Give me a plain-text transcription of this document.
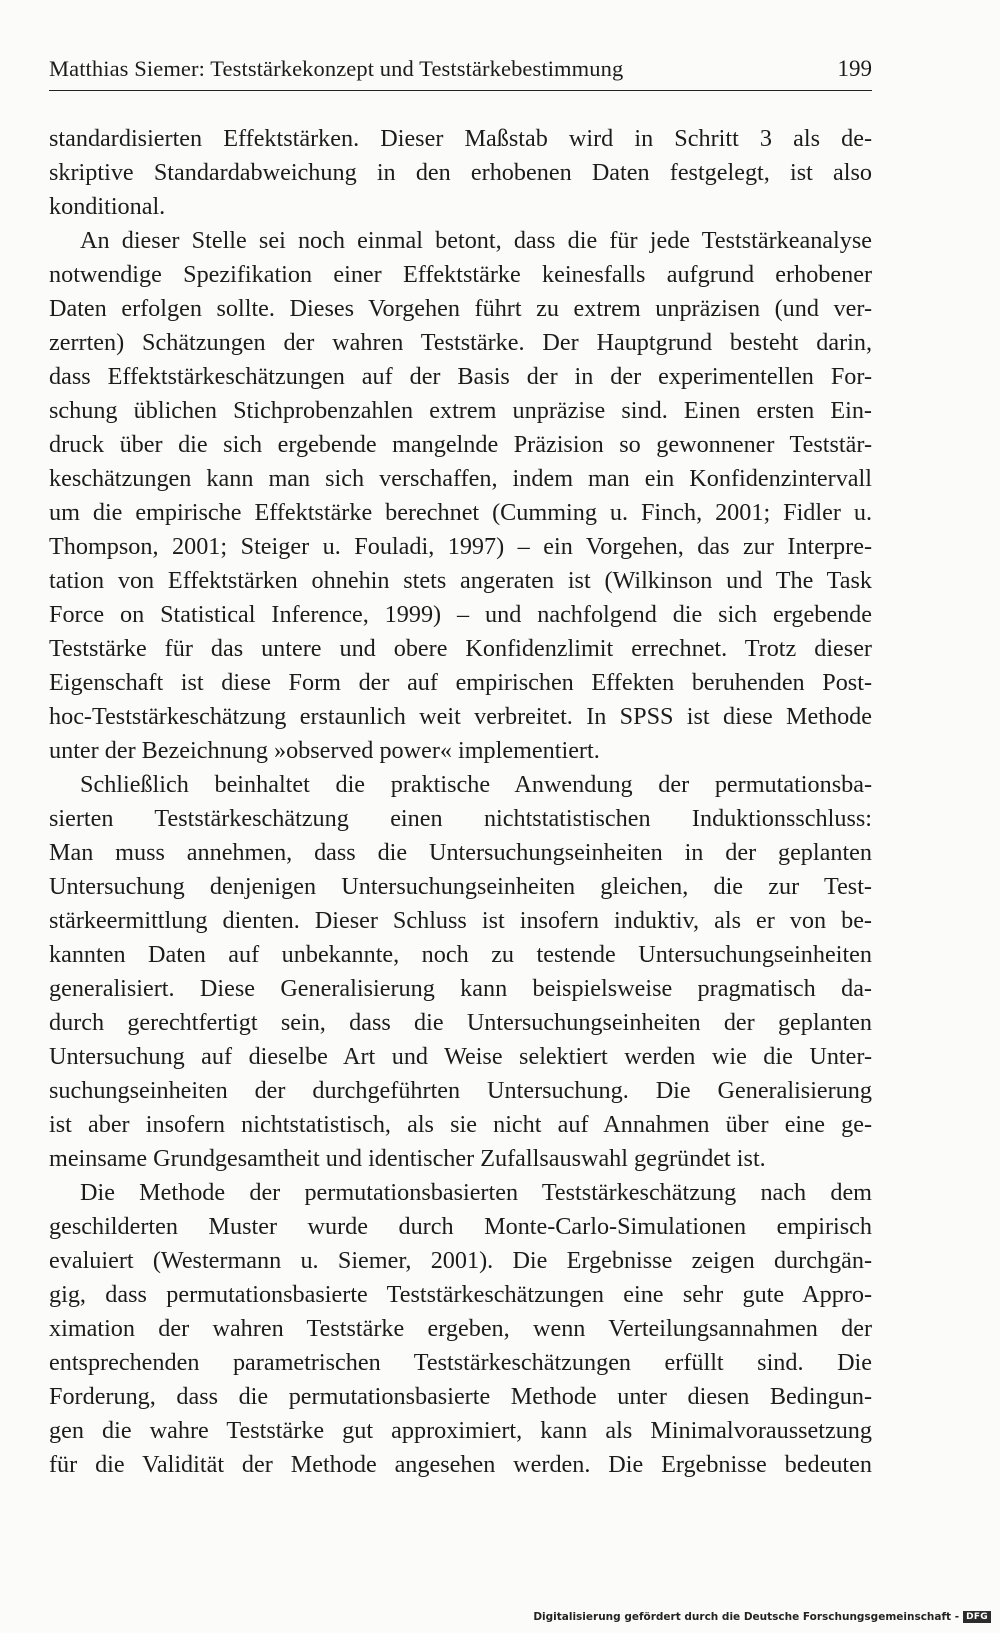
Matthias Siemer: Teststärkekonzept und Teststärkebestimmung	199
standardisierten Effektstärken. Dieser Maßstab wird in Schritt 3 als de-
skriptive Standardabweichung in den erhobenen Daten festgelegt, ist also
konditional.
An dieser Stelle sei noch einmal betont, dass die für jede Teststärkeanalyse
notwendige Spezifikation einer Effektstärke keinesfalls aufgrund erhobener
Daten erfolgen sollte. Dieses Vorgehen führt zu extrem unpräzisen (und ver-
zerrten) Schätzungen der wahren Teststärke. Der Hauptgrund besteht darin,
dass Effektstärkeschätzungen auf der Basis der in der experimentellen For-
schung üblichen Stichprobenzahlen extrem unpräzise sind. Einen ersten Ein-
druck über die sich ergebende mangelnde Präzision so gewonnener Teststär-
keschätzungen kann man sich verschaffen, indem man ein Konfidenzintervall
um die empirische Effektstärke berechnet (Cumming u. Finch, 2001; Fidler u.
Thompson, 2001; Steiger u. Fouladi, 1997) – ein Vorgehen, das zur Interpre-
tation von Effektstärken ohnehin stets angeraten ist (Wilkinson und The Task
Force on Statistical Inference, 1999) – und nachfolgend die sich ergebende
Teststärke für das untere und obere Konfidenzlimit errechnet. Trotz dieser
Eigenschaft ist diese Form der auf empirischen Effekten beruhenden Post-
hoc-Teststärkeschätzung erstaunlich weit verbreitet. In SPSS ist diese Methode
unter der Bezeichnung »observed power« implementiert.
Schließlich beinhaltet die praktische Anwendung der permutationsba-
sierten Teststärkeschätzung einen nichtstatistischen Induktionsschluss:
Man muss annehmen, dass die Untersuchungseinheiten in der geplanten
Untersuchung denjenigen Untersuchungseinheiten gleichen, die zur Test-
stärkeermittlung dienten. Dieser Schluss ist insofern induktiv, als er von be-
kannten Daten auf unbekannte, noch zu testende Untersuchungseinheiten
generalisiert. Diese Generalisierung kann beispielsweise pragmatisch da-
durch gerechtfertigt sein, dass die Untersuchungseinheiten der geplanten
Untersuchung auf dieselbe Art und Weise selektiert werden wie die Unter-
suchungseinheiten der durchgeführten Untersuchung. Die Generalisierung
ist aber insofern nichtstatistisch, als sie nicht auf Annahmen über eine ge-
meinsame Grundgesamtheit und identischer Zufallsauswahl gegründet ist.
Die Methode der permutationsbasierten Teststärkeschätzung nach dem
geschilderten Muster wurde durch Monte-Carlo-Simulationen empirisch
evaluiert (Westermann u. Siemer, 2001). Die Ergebnisse zeigen durchgän-
gig, dass permutationsbasierte Teststärkeschätzungen eine sehr gute Appro-
ximation der wahren Teststärke ergeben, wenn Verteilungsannahmen der
entsprechenden parametrischen Teststärkeschätzungen erfüllt sind. Die
Forderung, dass die permutationsbasierte Methode unter diesen Bedingun-
gen die wahre Teststärke gut approximiert, kann als Minimalvoraussetzung
für die Validität der Methode angesehen werden. Die Ergebnisse bedeuten
Digitalisierung gefördert durch die Deutsche Forschungsgemeinschaft - DFG
